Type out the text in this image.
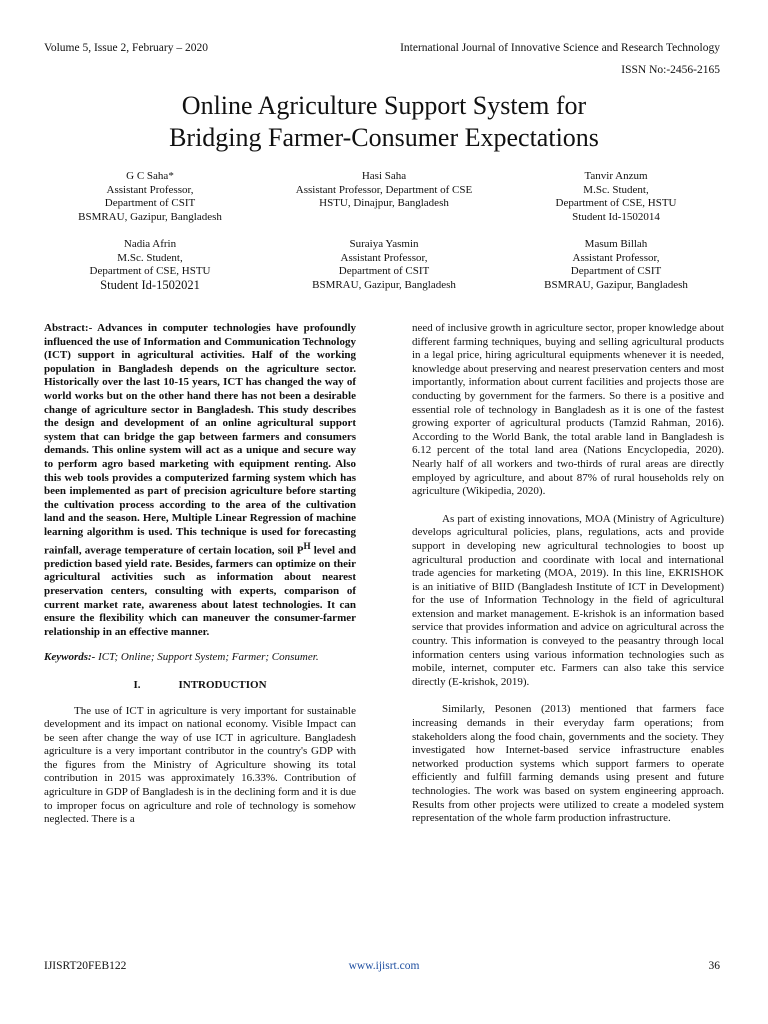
Volume 5, Issue 2, February – 2020	International Journal of Innovative Science and Research Technology
ISSN No:-2456-2165
Online Agriculture Support System for
Bridging Farmer-Consumer Expectations
G C Saha*
Assistant Professor,
Department of CSIT
BSMRAU, Gazipur, Bangladesh
Hasi Saha
Assistant Professor, Department of CSE
HSTU, Dinajpur, Bangladesh
Tanvir Anzum
M.Sc. Student,
Department of CSE, HSTU
Student Id-1502014
Nadia Afrin
M.Sc. Student,
Department of CSE, HSTU
Student Id-1502021
Suraiya Yasmin
Assistant Professor,
Department of CSIT
BSMRAU, Gazipur, Bangladesh
Masum Billah
Assistant Professor,
Department of CSIT
BSMRAU, Gazipur, Bangladesh

Abstract:- Advances in computer technologies have profoundly influenced the use of Information and Communication Technology (ICT) support in agricultural activities. Half of the working population in Bangladesh depends on the agriculture sector. Historically over the last 10-15 years, ICT has changed the way of world works but on the other hand there has not been a desirable change of agriculture sector in Bangladesh. This study describes the design and development of an online agricultural support system that can bridge the gap between farmers and consumers demands. This online system will act as a unique and secure way to perform agro based marketing with equipment renting. Also this web tools provides a computerized farming system which has been implemented as part of precision agriculture before starting the cultivation process according to the area of the cultivation land and the season. Here, Multiple Linear Regression of machine learning algorithm is used. This technique is used for forecasting rainfall, average temperature of certain location, soil $P^H$ level and prediction based yield rate. Besides, farmers can optimize on their agricultural activities such as information about nearest preservation centers, consulting with experts, comparison of current market rate, awareness about latest technologies. It can ensure the flexibility which can maneuver the consumer-farmer relationship in an effective manner.

Keywords:- ICT; Online; Support System; Farmer; Consumer.

I.	INTRODUCTION

The use of ICT in agriculture is very important for sustainable development and its impact on national economy. Visible Impact can be seen after change the way of use ICT in agriculture. Bangladesh agriculture is a very important contributor in the country's GDP with the figures from the Ministry of Agriculture showing its total contribution in 2015 was approximately 16.33%. Contribution of agriculture in GDP of Bangladesh is in the declining form and it is due to improper focus on agriculture and role of technology is somehow neglected. There is a

need of inclusive growth in agriculture sector, proper knowledge about different farming techniques, buying and selling agricultural products in a legal price, hiring agricultural equipments whenever it is needed, knowledge about preserving and nearest preservation centers and most importantly, information about current facilities and projects those are conducting by government for the farmers. So there is a positive and essential role of technology in Bangladesh as it is one of the fastest growing exporter of agricultural products (Tamzid Rahman, 2016). According to the World Bank, the total arable land in Bangladesh is 6.12 percent of the total land area (Nations Encyclopedia, 2020). Nearly half of all workers and two-thirds of rural areas are directly employed by agriculture, and about 87% of rural households rely on agriculture (Wikipedia, 2020).

As part of existing innovations, MOA (Ministry of Agriculture) develops agricultural policies, plans, regulations, acts and provide support in developing new agricultural technologies to boost up agricultural production and coordinate with local and international trade agencies for marketing (MOA, 2019). In this line, EKRISHOK is an initiative of BIID (Bangladesh Institute of ICT in Development) for the use of Information Technology in the field of agricultural extension and market management. E-krishok is an information based service that provides information and advice on agricultural across the country. This information is conveyed to the peasantry through local information centers using various information technologies such as mobile, internet, computer etc. Farmers can also take this service directly (E-krishok, 2019).

Similarly, Pesonen (2013) mentioned that farmers face increasing demands in their everyday farm operations; from stakeholders along the food chain, governments and the society. They investigated how Internet-based service infrastructure enables networked production systems which support farmers to operate efficiently and fulfill farming demands using present and future technologies. The work was based on system engineering approach. Results from other projects were utilized to create a modeled system representation of the whole farm production infrastructure.

IJISRT20FEB122	www.ijisrt.com	36
